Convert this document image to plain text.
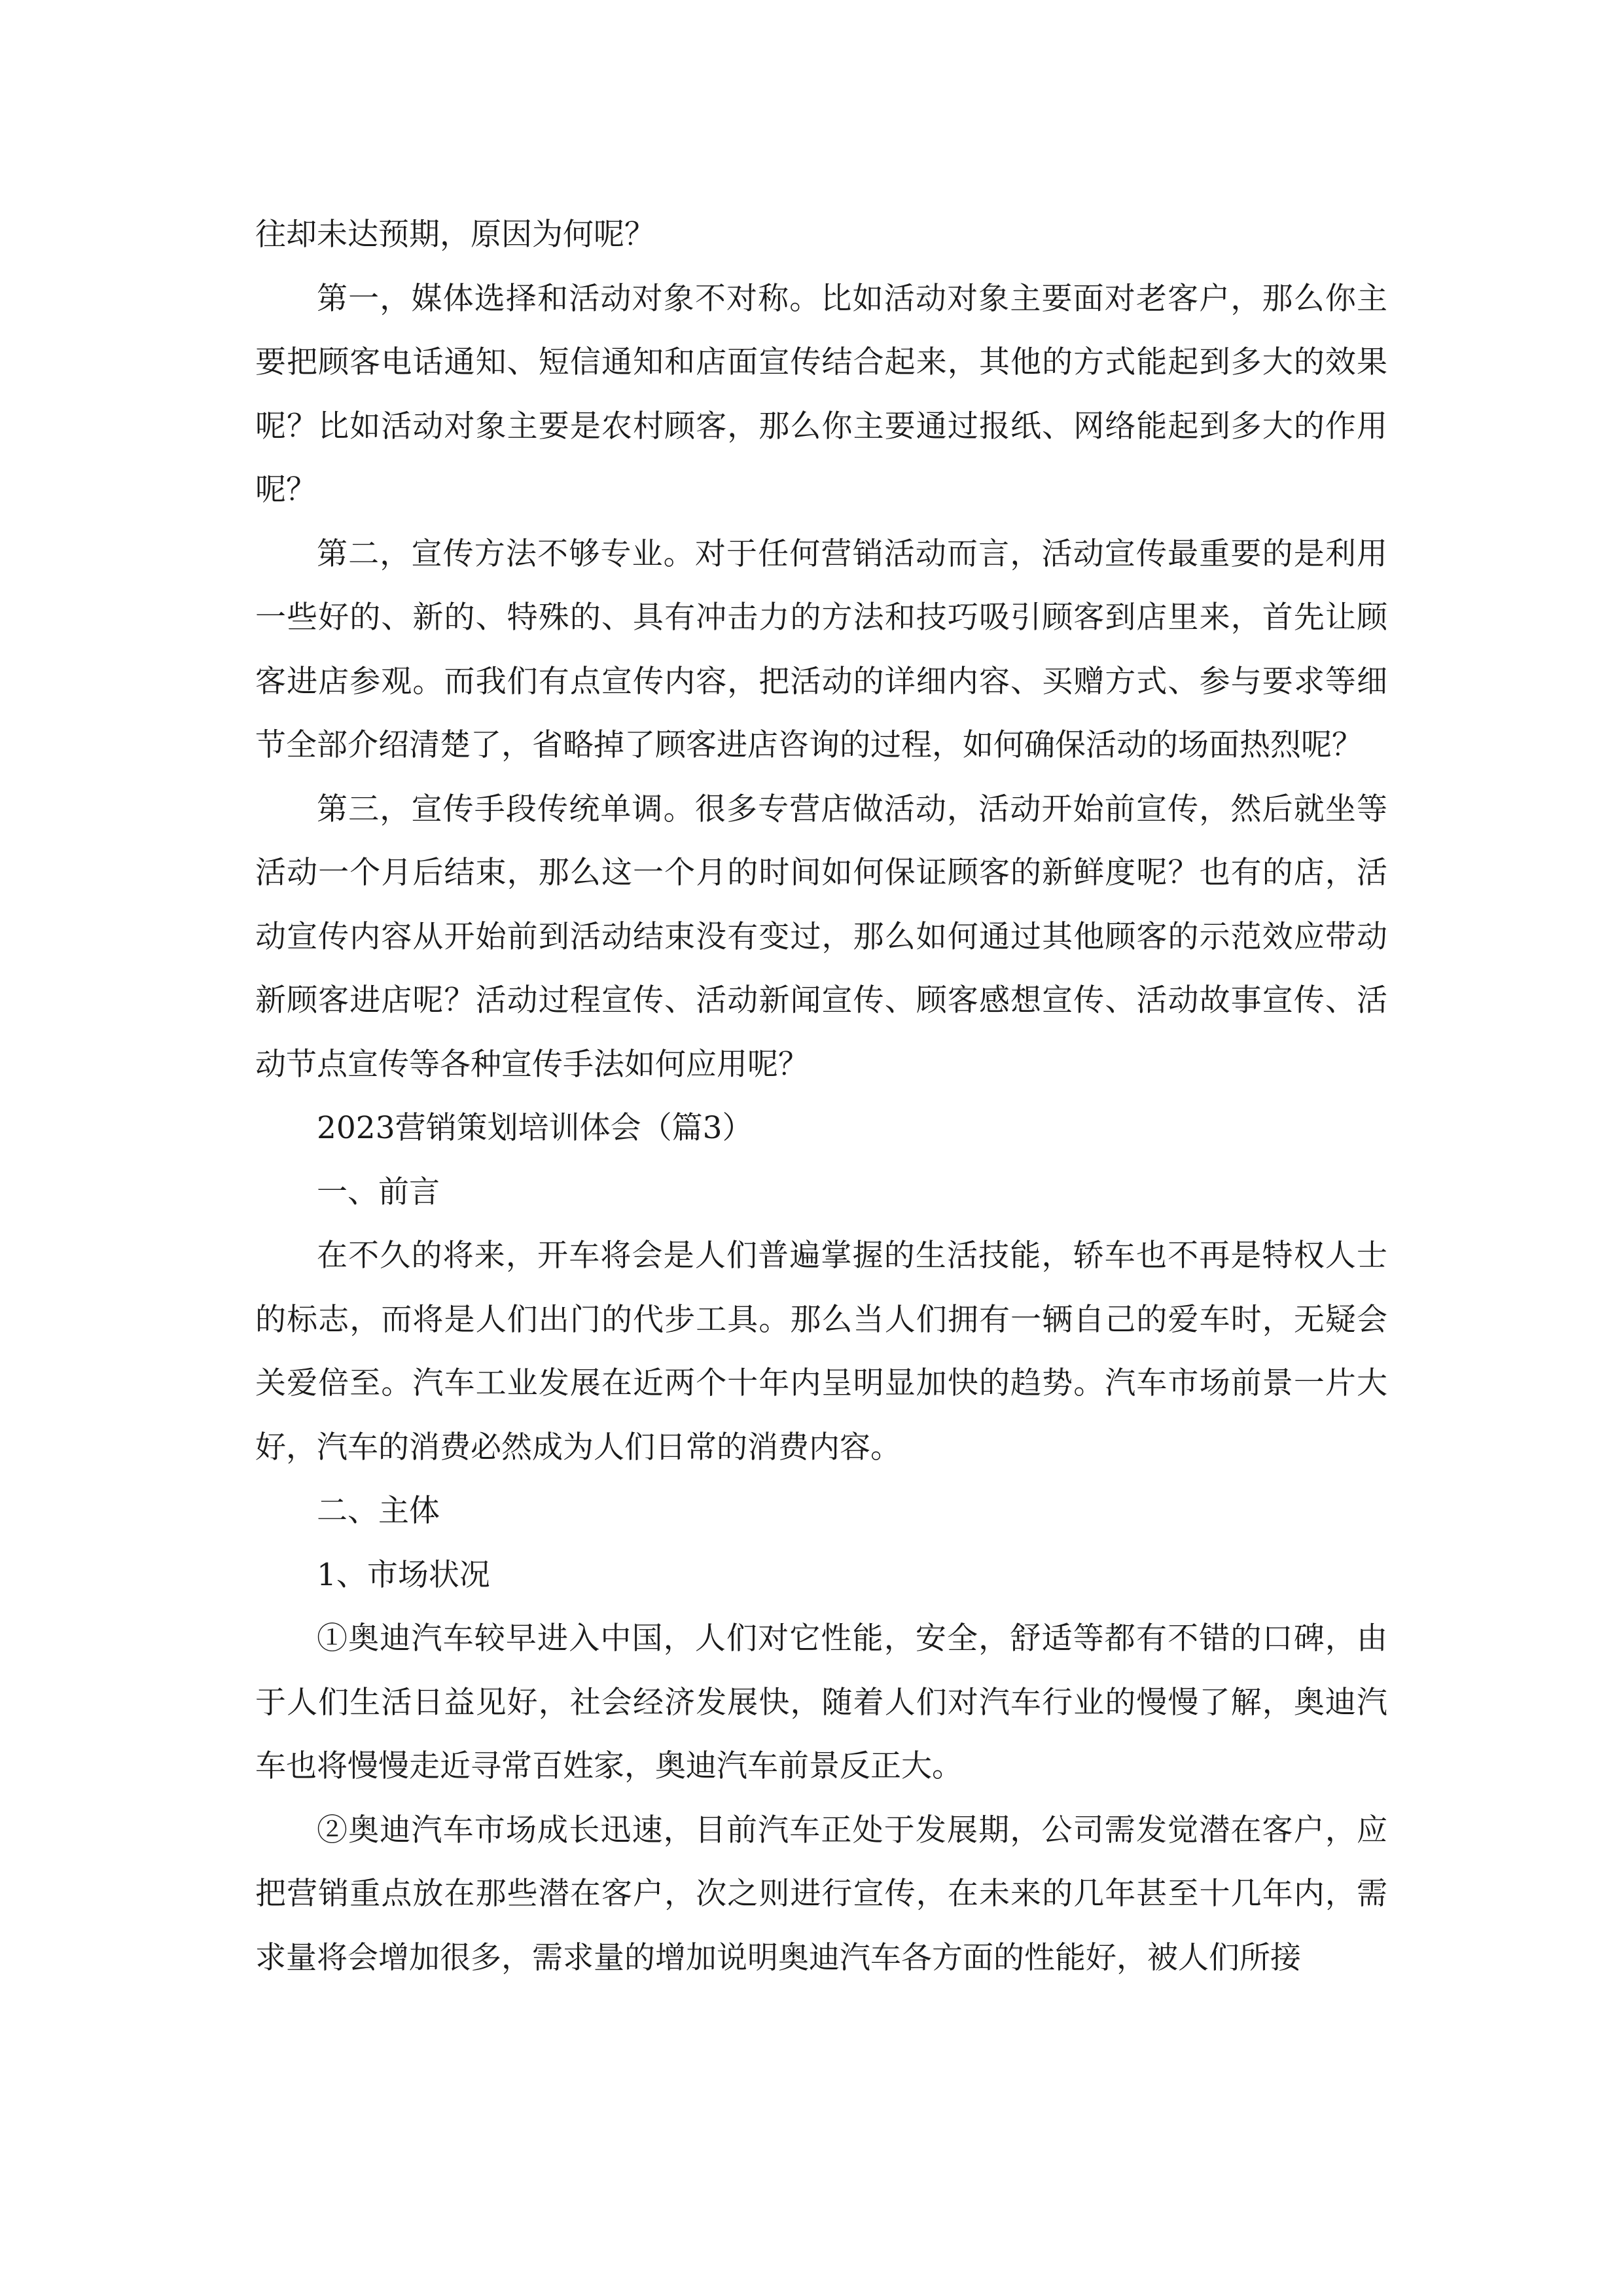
往却未达预期，原因为何呢？

第一，媒体选择和活动对象不对称。比如活动对象主要面对老客户，那么你主要把顾客电话通知、短信通知和店面宣传结合起来，其他的方式能起到多大的效果呢？比如活动对象主要是农村顾客，那么你主要通过报纸、网络能起到多大的作用呢？

第二，宣传方法不够专业。对于任何营销活动而言，活动宣传最重要的是利用一些好的、新的、特殊的、具有冲击力的方法和技巧吸引顾客到店里来，首先让顾客进店参观。而我们有点宣传内容，把活动的详细内容、买赠方式、参与要求等细节全部介绍清楚了，省略掉了顾客进店咨询的过程，如何确保活动的场面热烈呢？

第三，宣传手段传统单调。很多专营店做活动，活动开始前宣传，然后就坐等活动一个月后结束，那么这一个月的时间如何保证顾客的新鲜度呢？也有的店，活动宣传内容从开始前到活动结束没有变过，那么如何通过其他顾客的示范效应带动新顾客进店呢？活动过程宣传、活动新闻宣传、顾客感想宣传、活动故事宣传、活动节点宣传等各种宣传手法如何应用呢？

2023营销策划培训体会（篇3）

一、前言

在不久的将来，开车将会是人们普遍掌握的生活技能，轿车也不再是特权人士的标志，而将是人们出门的代步工具。那么当人们拥有一辆自己的爱车时，无疑会关爱倍至。汽车工业发展在近两个十年内呈明显加快的趋势。汽车市场前景一片大好，汽车的消费必然成为人们日常的消费内容。

二、主体

1、市场状况

①奥迪汽车较早进入中国，人们对它性能，安全，舒适等都有不错的口碑，由于人们生活日益见好，社会经济发展快，随着人们对汽车行业的慢慢了解，奥迪汽车也将慢慢走近寻常百姓家，奥迪汽车前景反正大。

②奥迪汽车市场成长迅速，目前汽车正处于发展期，公司需发觉潜在客户，应把营销重点放在那些潜在客户，次之则进行宣传，在未来的几年甚至十几年内，需求量将会增加很多，需求量的增加说明奥迪汽车各方面的性能好，被人们所接
